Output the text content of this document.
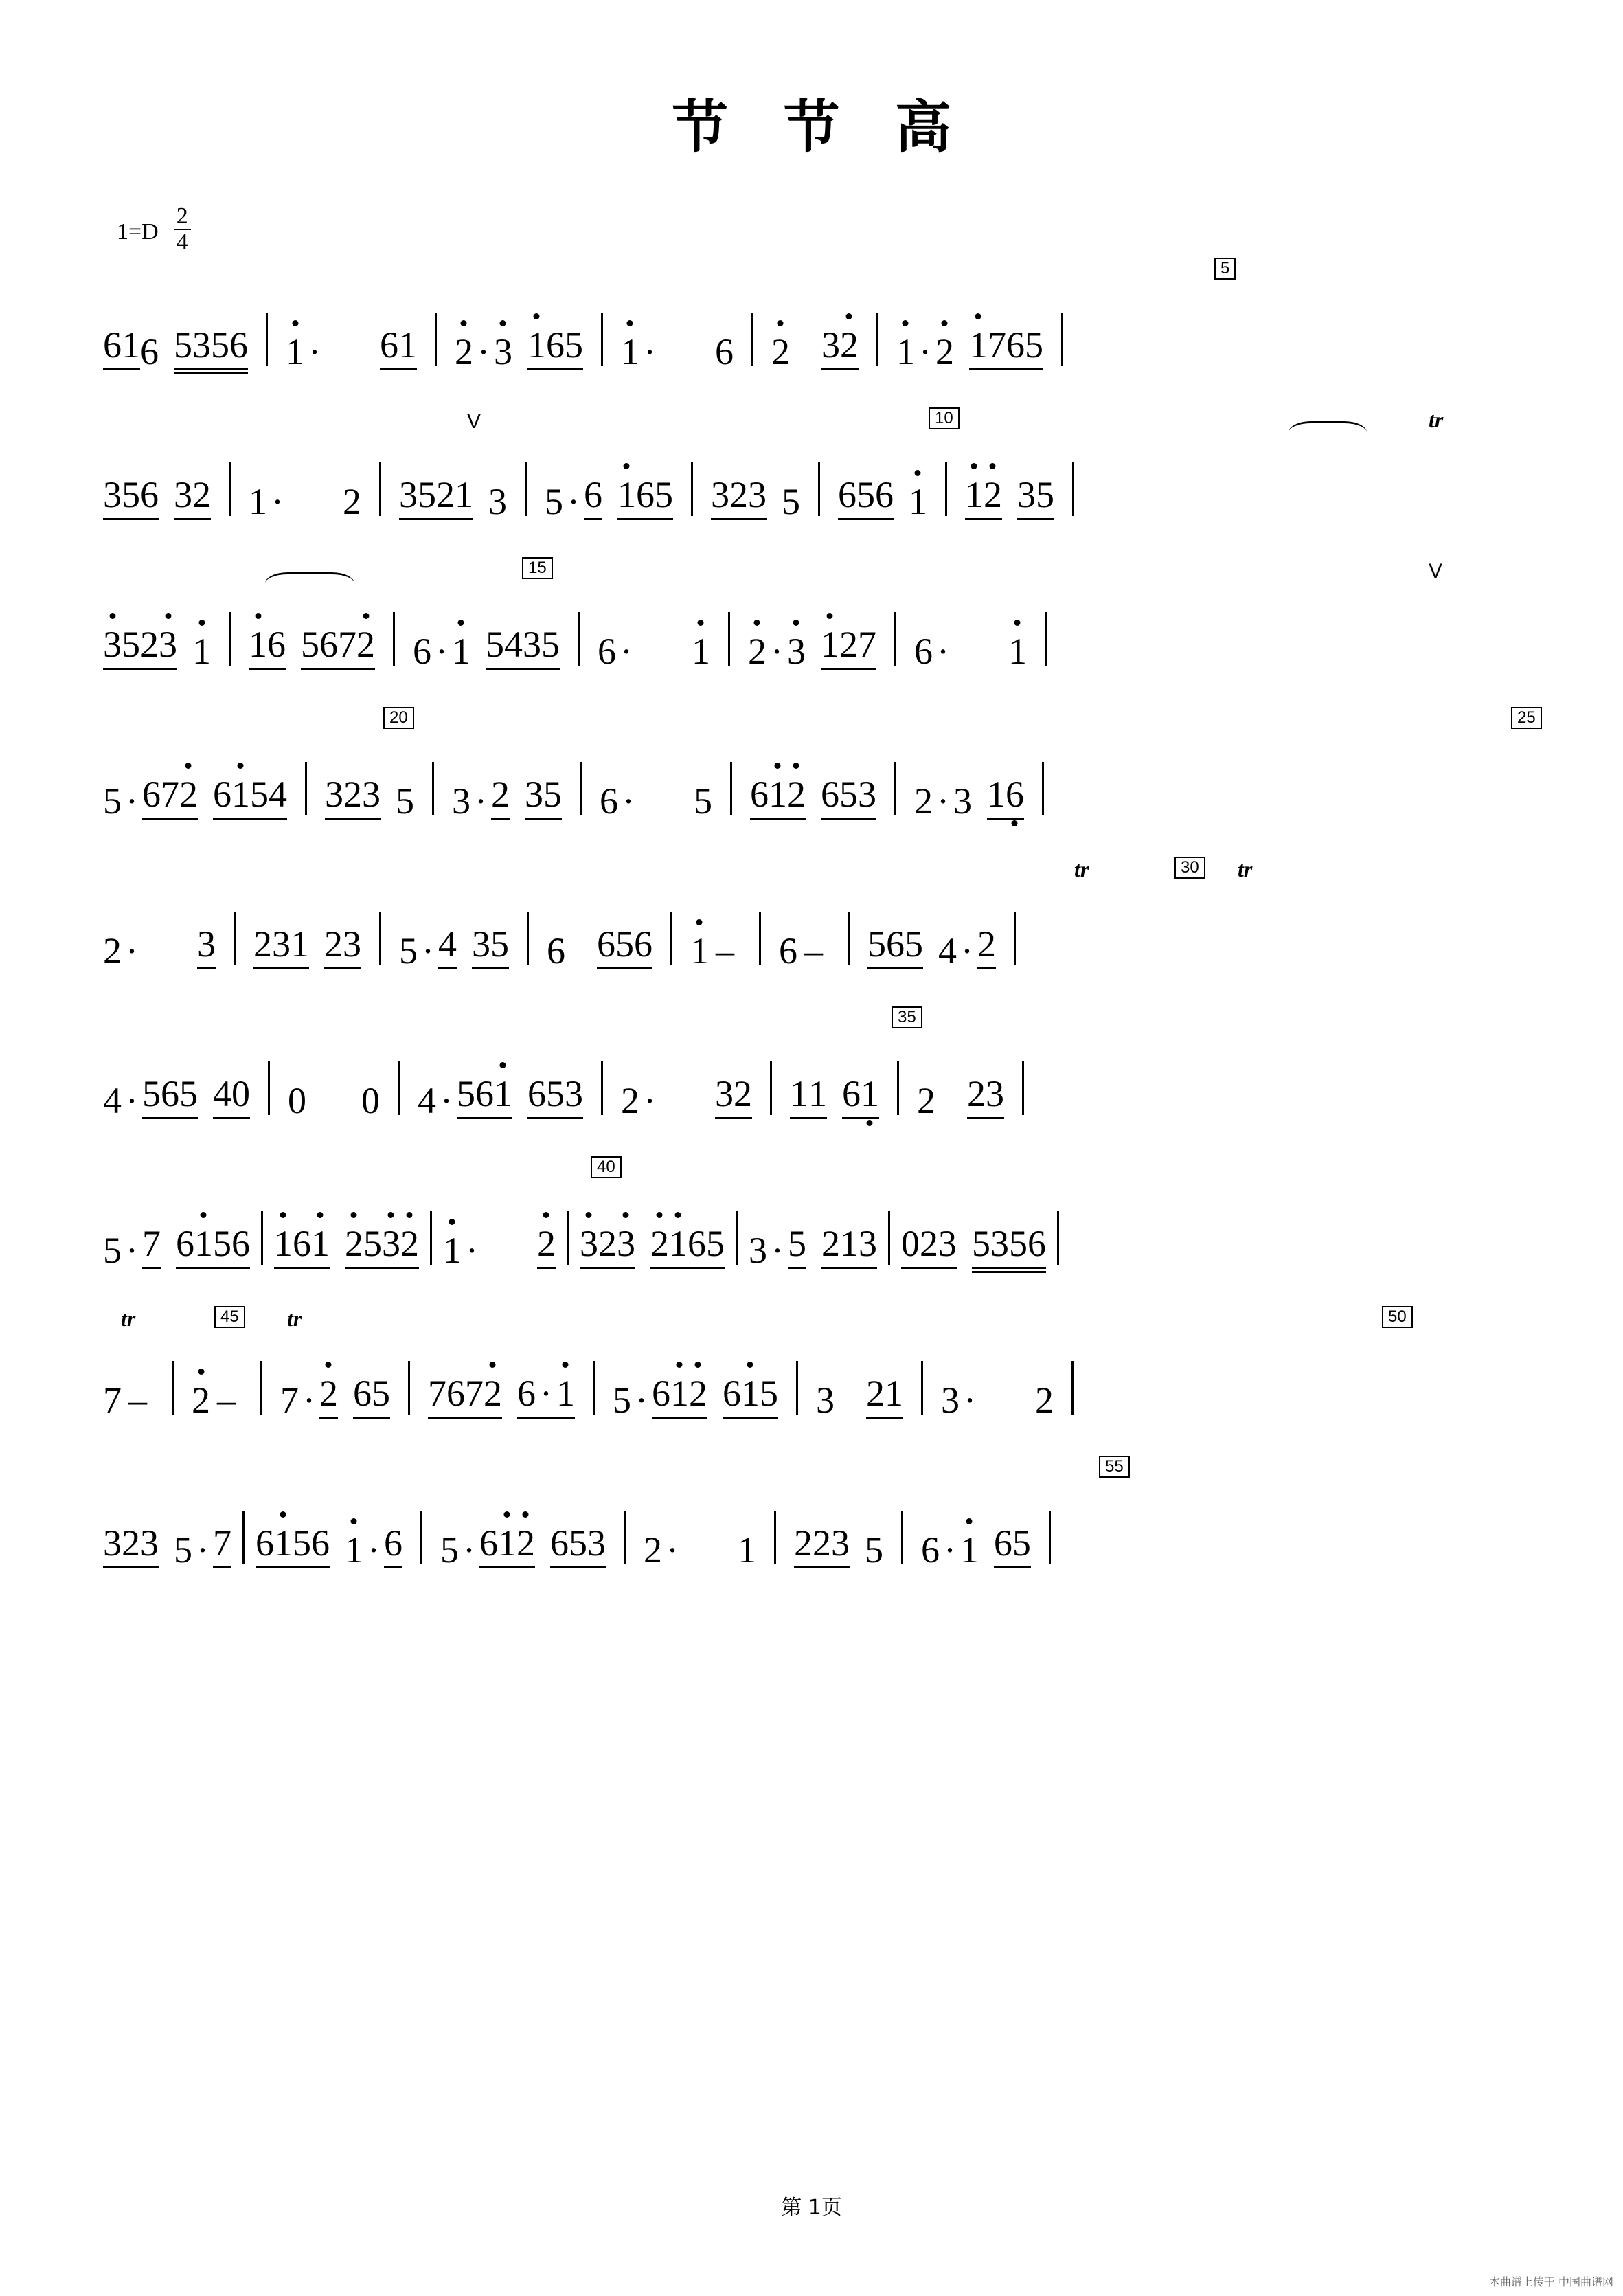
节 节 高
$1=D \frac{2}{4}$
5
61 6 5356 1 · 61 2 · 3 165 1 · 6 2 32 1 · 2 1765
10
V	tr
356 32 1 · 2 3521 3 5 · 6 165 323 5 656 1 12 35
15	V
3523 1 16 5672 6 · 1 5435 6 · 1 2 · 3 127 6 · 1
20	25
5 · 672 6154 323 5 3 · 2 35 6 · 5 612 653 2 · 3 16
30
tr	tr
2 · 3 231 23 5 · 4 35 6 656 1 – 6 – 565 4 · 2
35
4 · 565 40 0 0 4 · 561 653 2 · 32 11 61 2 23
40
5 · 7 6156 161 2532 1 · 2 323 2165 3 · 5 213 023 5356
45	50
tr	tr
7 – 2 – 7 · 2 65 7672 6 · 1 5 · 612 615 3 21 3 · 2
55
323 5 · 7 6156 1 · 6 5 · 612 653 2 · 1 223 5 6 · 1 65
第 1页
本曲谱上传于 中国曲谱网
